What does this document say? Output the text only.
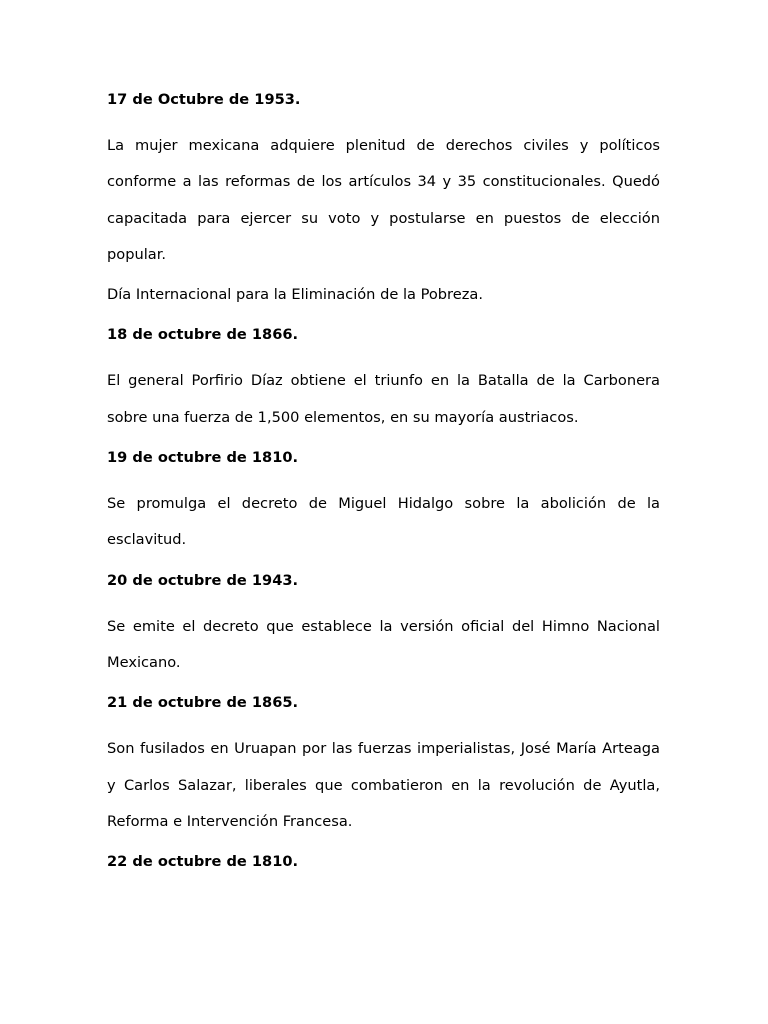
17 de Octubre de 1953.
La mujer mexicana adquiere plenitud de derechos civiles y políticos conforme a las reformas de los artículos 34 y 35 constitucionales. Quedó capacitada para ejercer su voto y postularse en puestos de elección popular.
Día Internacional para la Eliminación de la Pobreza.
18 de octubre de 1866.
El general Porfirio Díaz obtiene el triunfo en la Batalla de la Carbonera sobre una fuerza de 1,500 elementos, en su mayoría austriacos.
19 de octubre de 1810.
Se promulga el decreto de Miguel Hidalgo sobre la abolición de la esclavitud.
20 de octubre de 1943.
Se emite el decreto que establece la versión oficial del Himno Nacional Mexicano.
21 de octubre de 1865.
Son fusilados en Uruapan por las fuerzas imperialistas, José María Arteaga y Carlos Salazar, liberales que combatieron en la revolución de Ayutla, Reforma e Intervención Francesa.
22 de octubre de 1810.
